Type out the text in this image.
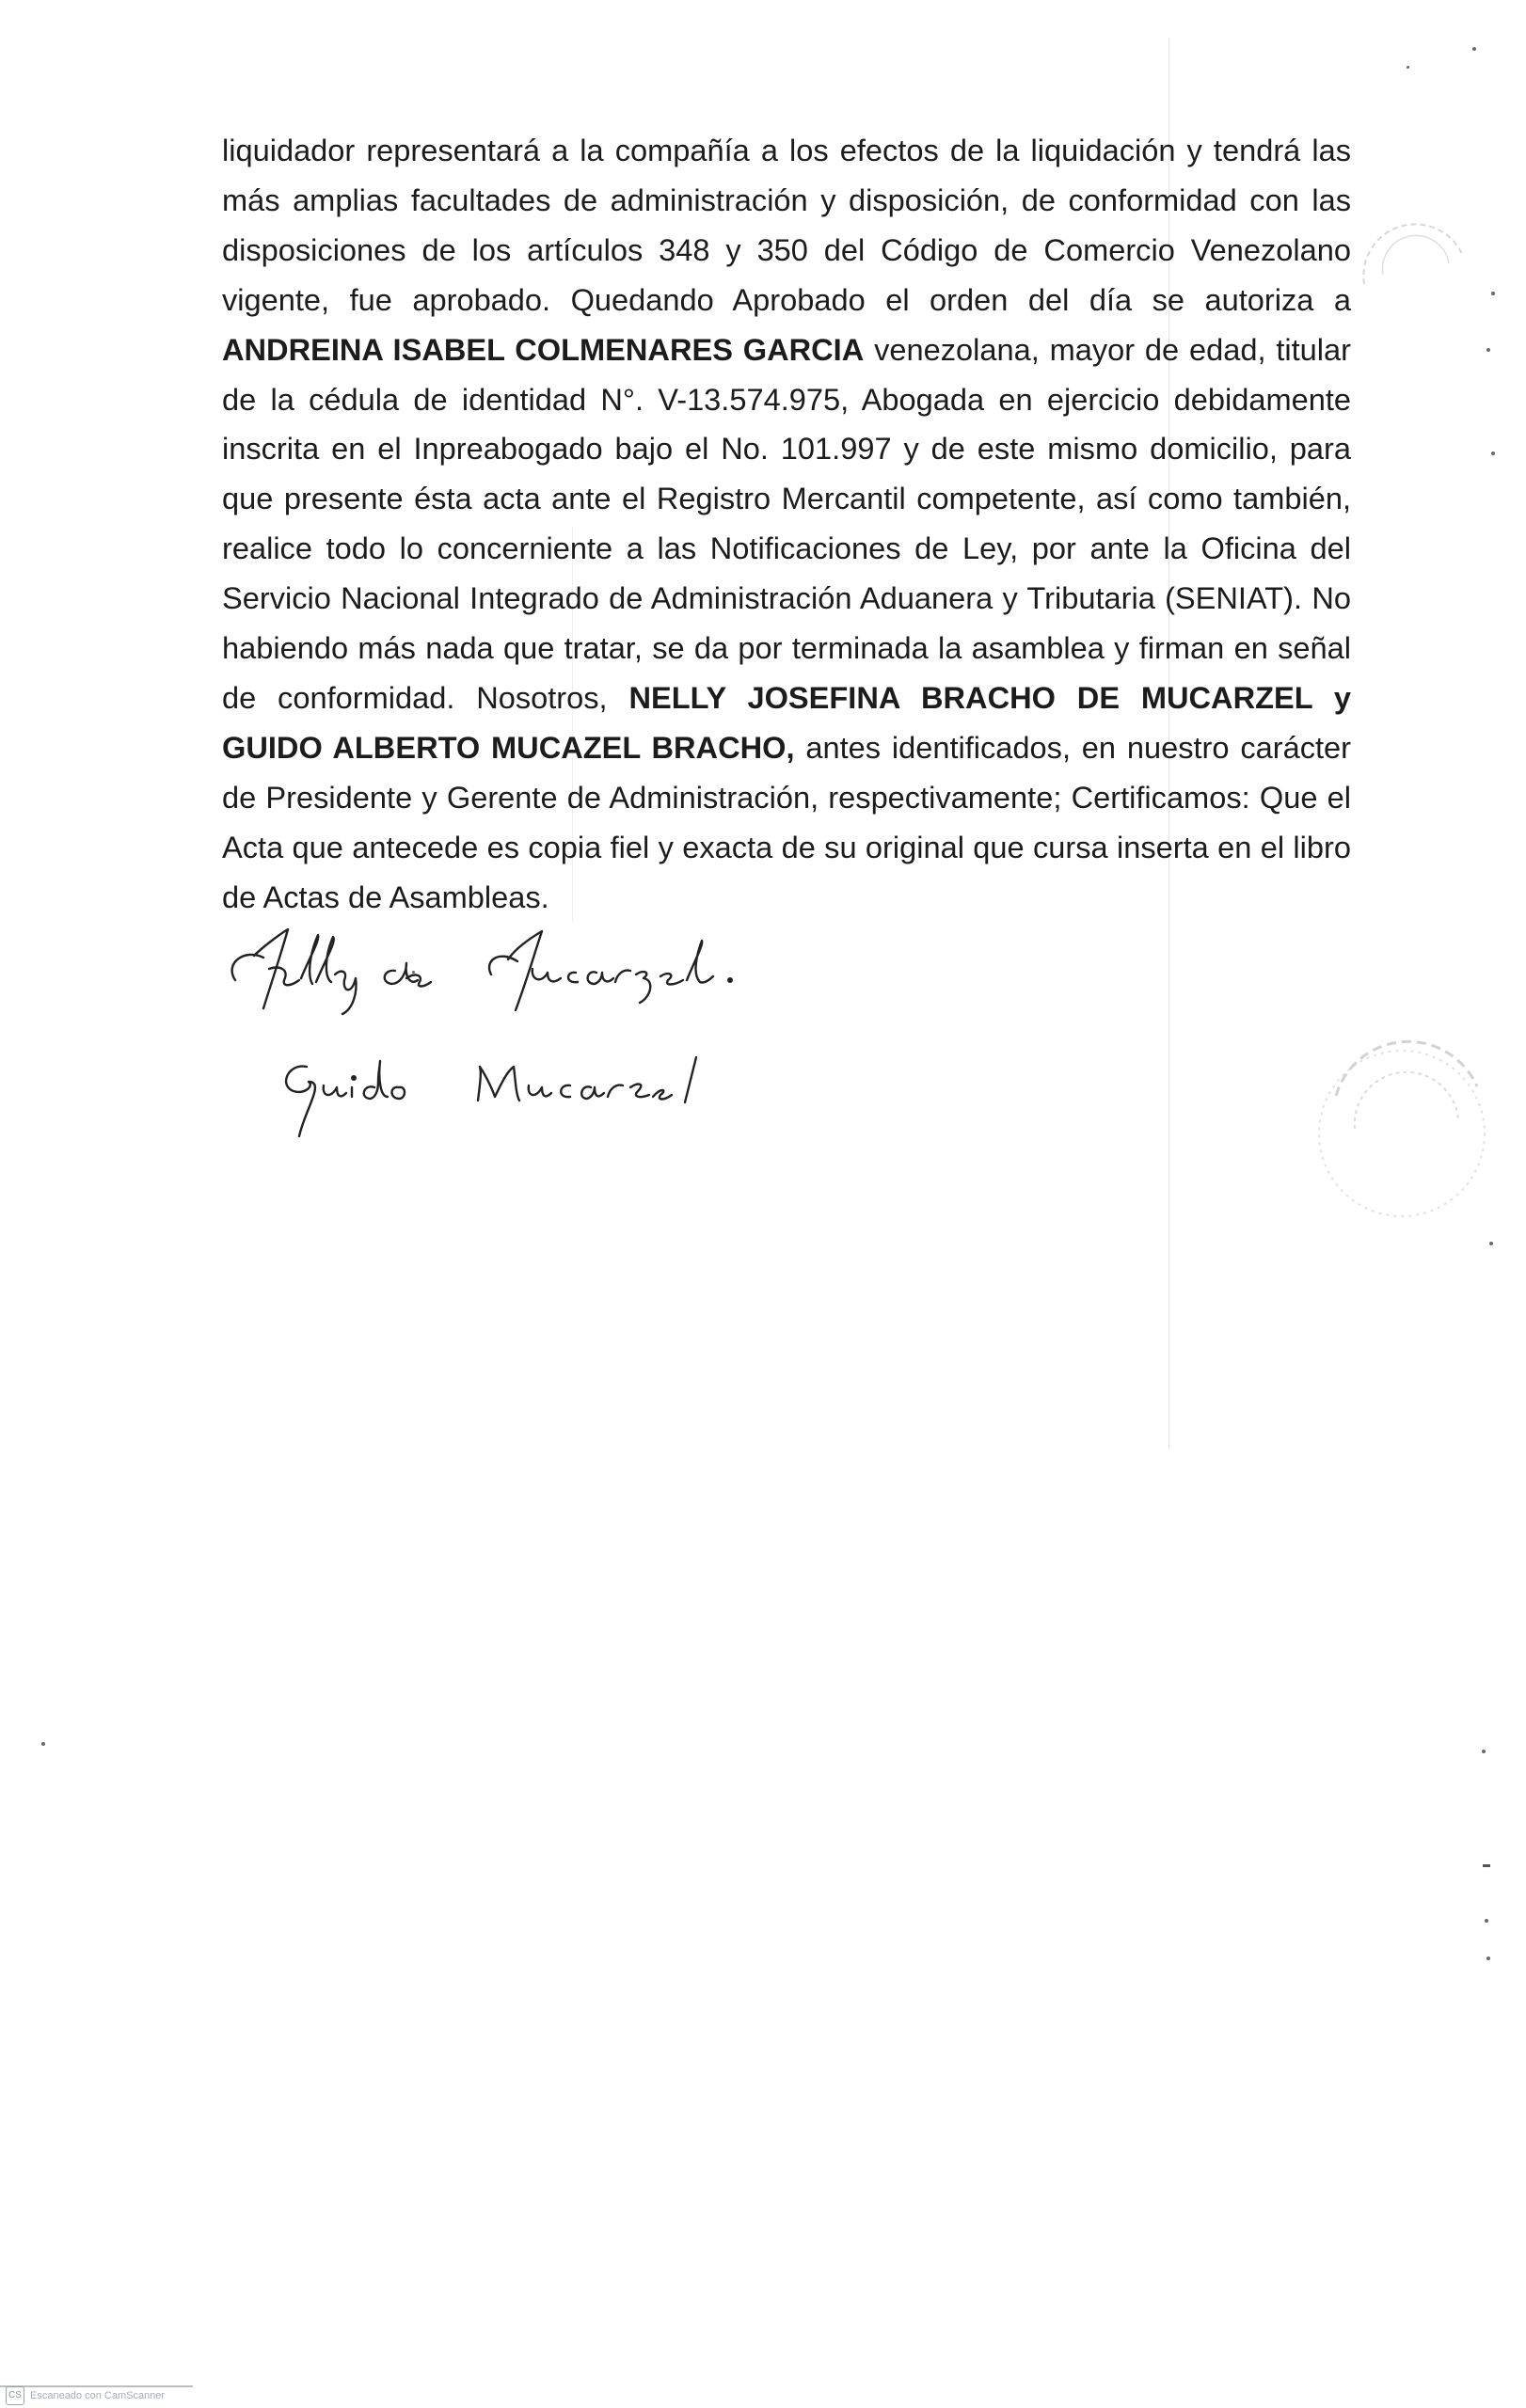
liquidador representará a la compañía a los efectos de la liquidación y tendrá las más amplias facultades de administración y disposición, de conformidad con las disposiciones de los artículos 348 y 350 del Código de Comercio Venezolano vigente, fue aprobado. Quedando Aprobado el orden del día se autoriza a ANDREINA ISABEL COLMENARES GARCIA venezolana, mayor de edad, titular de la cédula de identidad N°. V-13.574.975, Abogada en ejercicio debidamente inscrita en el Inpreabogado bajo el No. 101.997 y de este mismo domicilio, para que presente ésta acta ante el Registro Mercantil competente, así como también, realice todo lo concerniente a las Notificaciones de Ley, por ante la Oficina del Servicio Nacional Integrado de Administración Aduanera y Tributaria (SENIAT). No habiendo más nada que tratar, se da por terminada la asamblea y firman en señal de conformidad. Nosotros, NELLY JOSEFINA BRACHO DE MUCARZEL y GUIDO ALBERTO MUCAZEL BRACHO, antes identificados, en nuestro carácter de Presidente y Gerente de Administración, respectivamente; Certificamos: Que el Acta que antecede es copia fiel y exacta de su original que cursa inserta en el libro de Actas de Asambleas.

CS Escaneado con CamScanner
